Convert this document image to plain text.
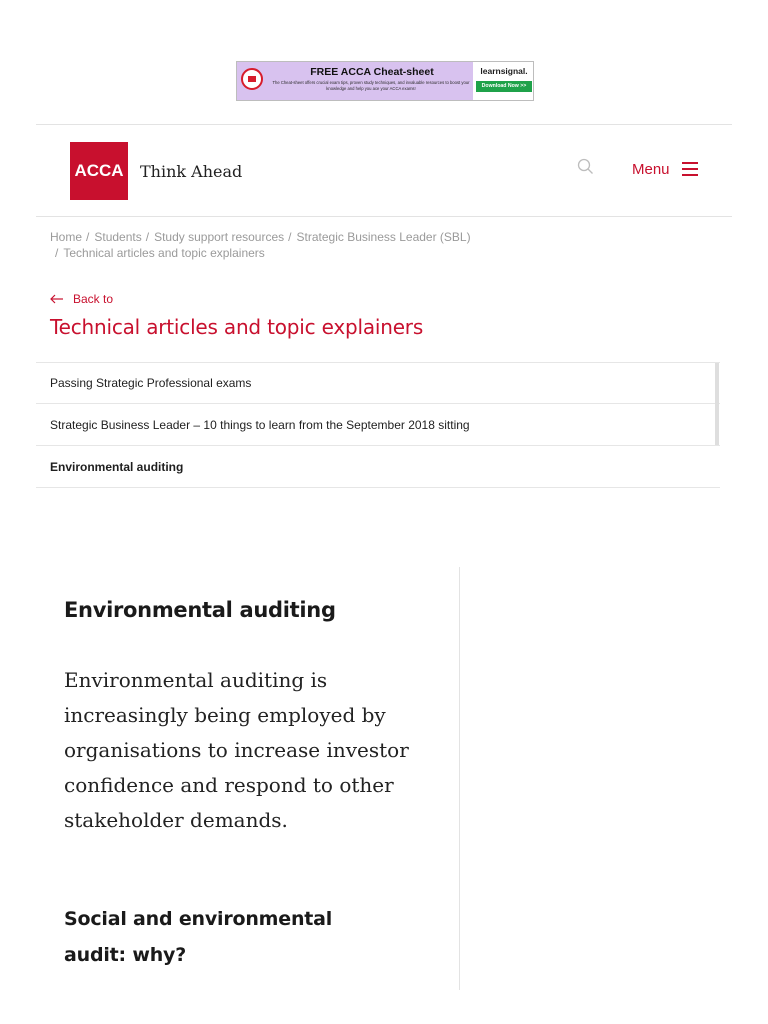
FREE ACCA Cheat-sheet
The Cheat-sheet offers crucial exam tips, proven study techniques, and invaluable resources to boost your knowledge and help you ace your ACCA exams!
learnsignal.
Download Now >>
ACCA Think Ahead	Menu
Home / Students / Study support resources / Strategic Business Leader (SBL)
/ Technical articles and topic explainers
Back to
Technical articles and topic explainers
Passing Strategic Professional exams
Strategic Business Leader – 10 things to learn from the September 2018 sitting
Environmental auditing
Environmental auditing

Environmental auditing is increasingly being employed by organisations to increase investor confidence and respond to other stakeholder demands.

Social and environmental audit: why?
